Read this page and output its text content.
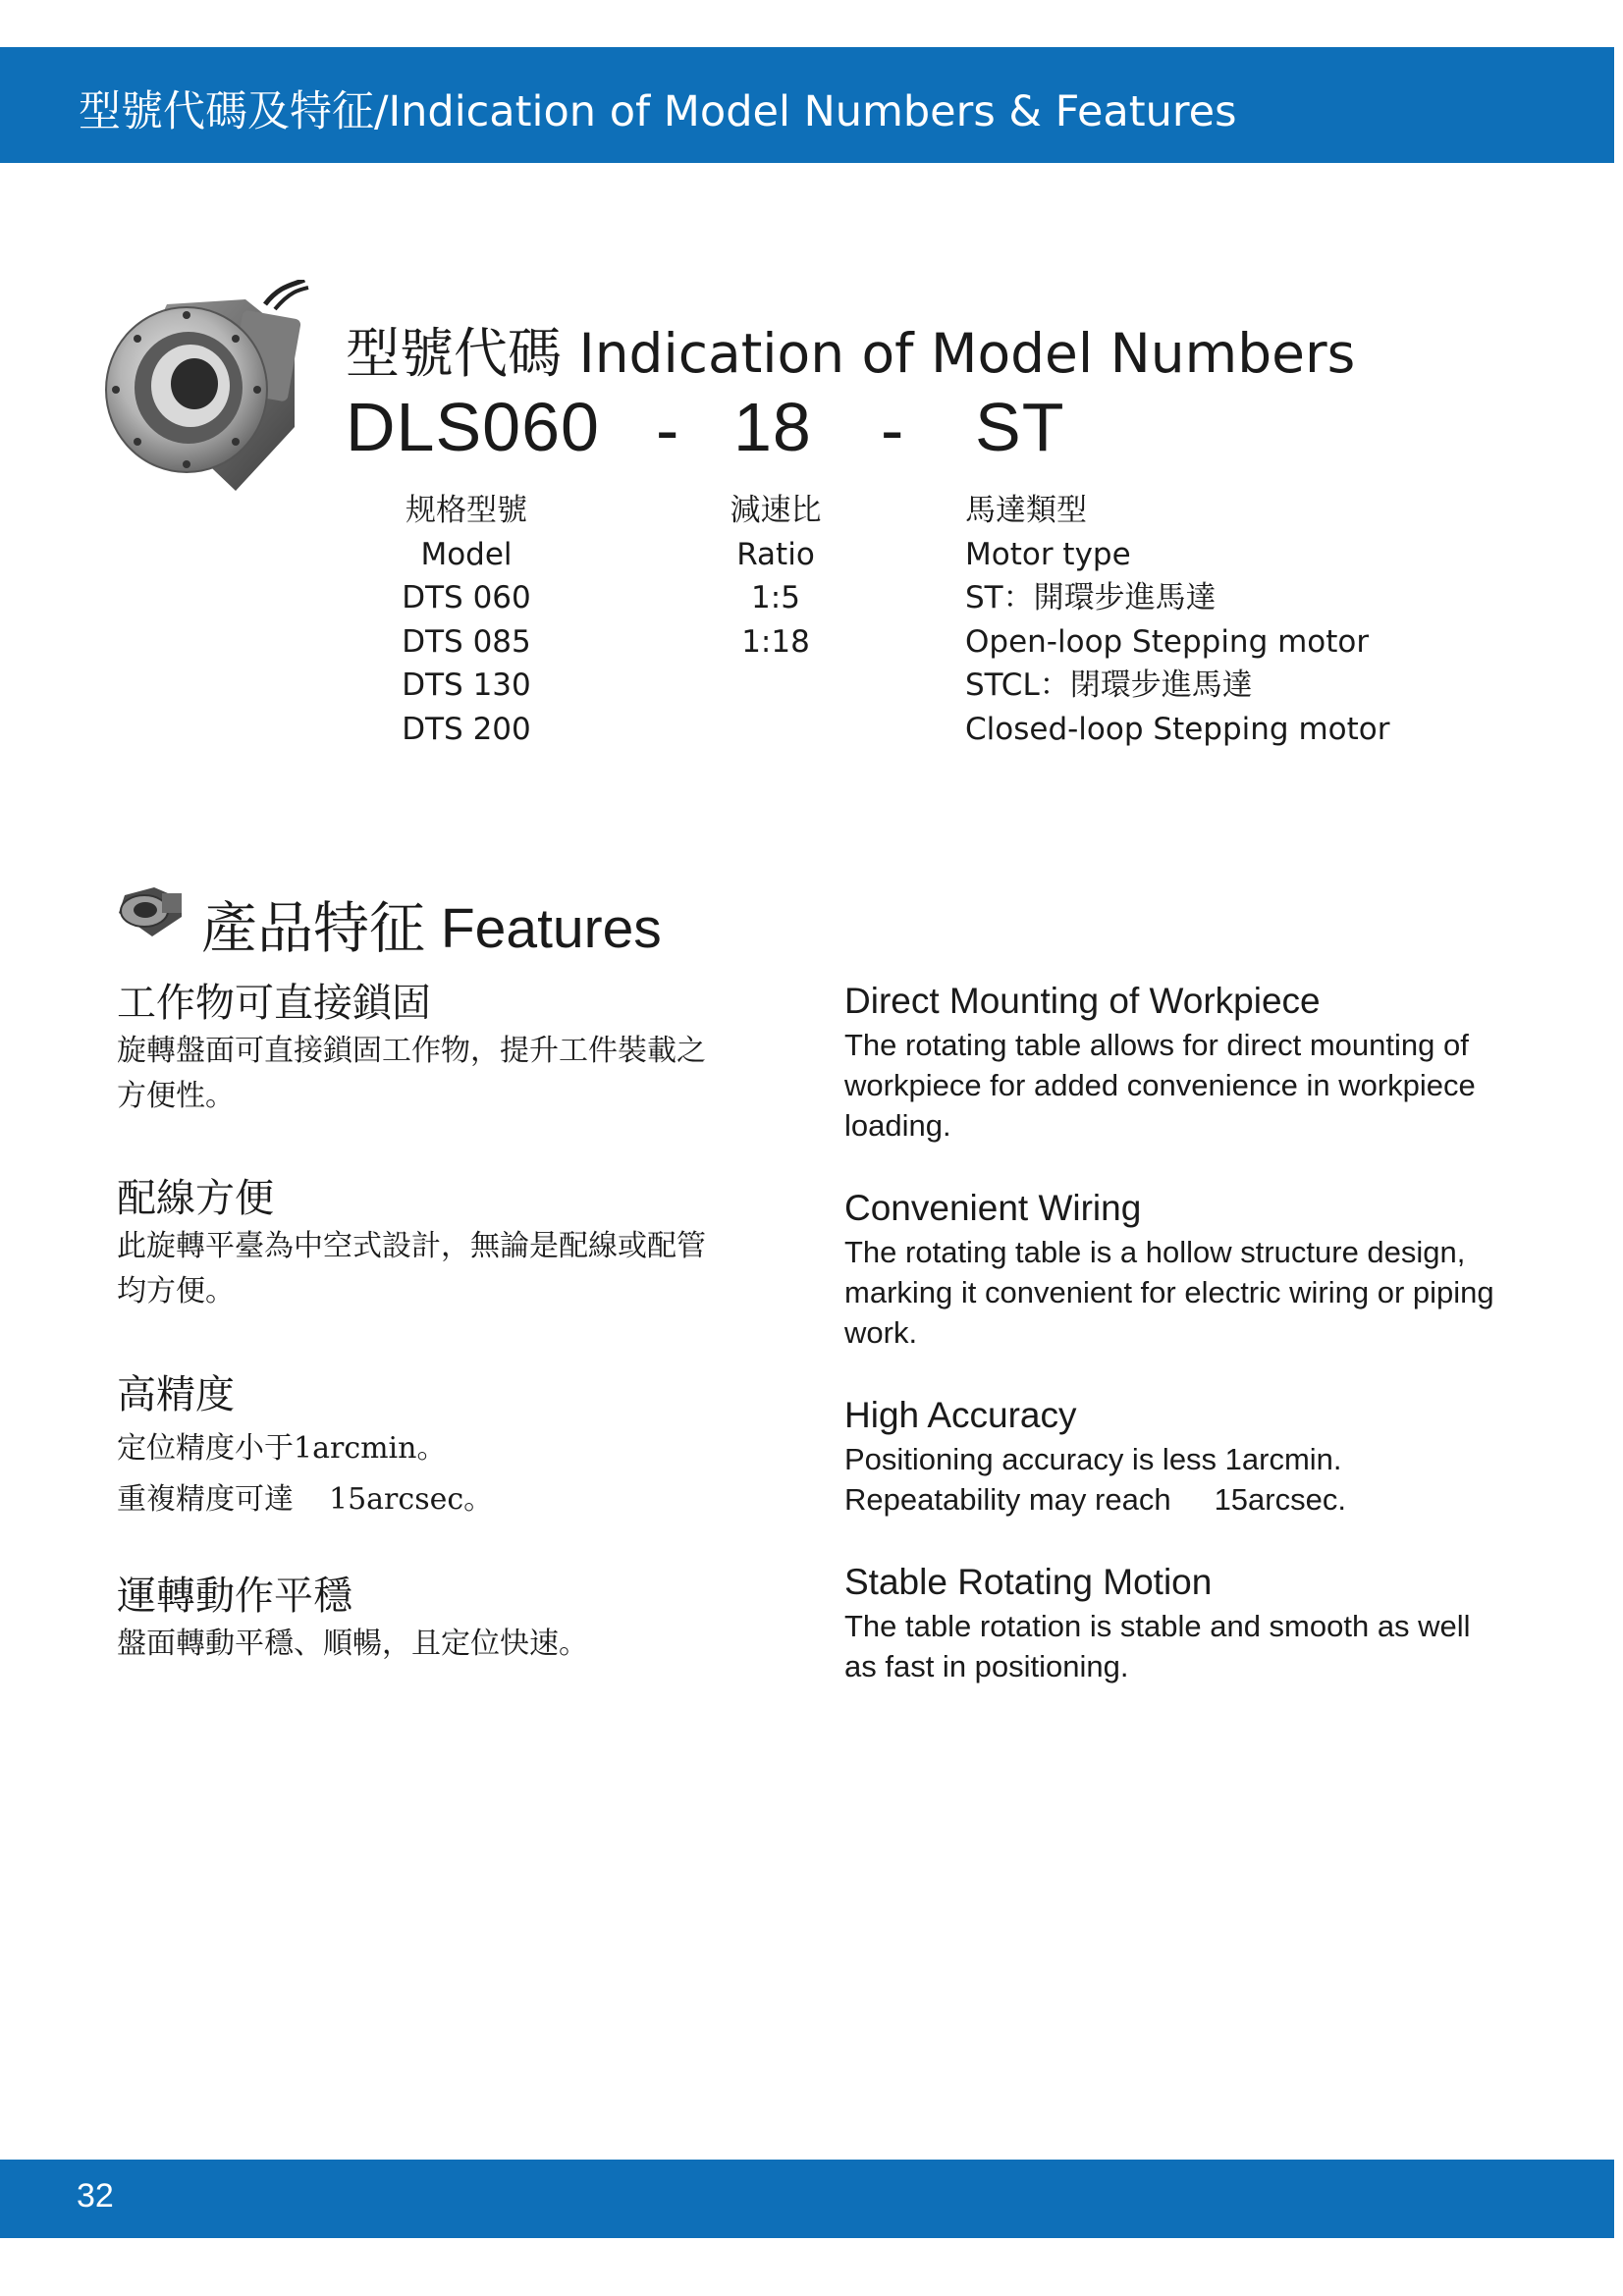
型號代碼及特征/Indication of Model Numbers & Features
型號代碼 Indication of Model Numbers
DLS060 - 18 - ST
规格型號
Model
DTS 060
DTS 085
DTS 130
DTS 200
減速比
Ratio
1:5
1:18
馬達類型
Motor type
ST：開環步進馬達
Open-loop Stepping motor
STCL：閉環步進馬達
Closed-loop Stepping motor
產品特征 Features
工作物可直接鎖固

旋轉盤面可直接鎖固工作物，提升工件裝載之

方便性。

Direct Mounting of Workpiece

The rotating table allows for direct mounting of

workpiece for added convenience in workpiece

loading.

配線方便

此旋轉平臺為中空式設計，無論是配線或配管

均方便。

Convenient Wiring

The rotating table is a hollow structure design,

marking it convenient for electric wiring or piping

work.

高精度

定位精度小于1arcmin。

重複精度可達 15arcsec。

High Accuracy

Positioning accuracy is less 1arcmin.

Repeatability may reach 15arcsec.

運轉動作平穩

盤面轉動平穩、順暢，且定位快速。

Stable Rotating Motion

The table rotation is stable and smooth as well

as fast in positioning.

32
